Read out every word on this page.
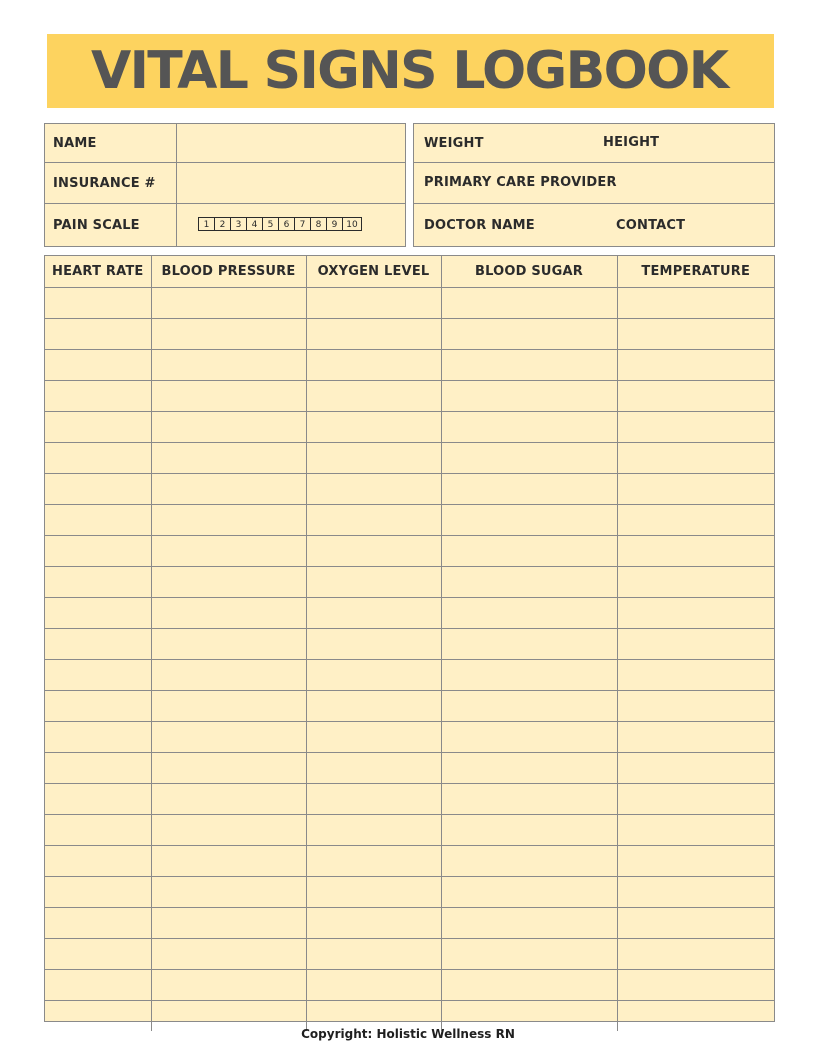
VITAL SIGNS LOGBOOK
NAME
INSURANCE #
PAIN SCALE	1	2	3	4	5	6	7	8	9 10
WEIGHT	HEIGHT
PRIMARY CARE PROVIDER
DOCTOR NAME	CONTACT
HEART RATE	BLOOD PRESSURE	OXYGEN LEVEL	BLOOD SUGAR	TEMPERATURE

Copyright: Holistic Wellness RN
